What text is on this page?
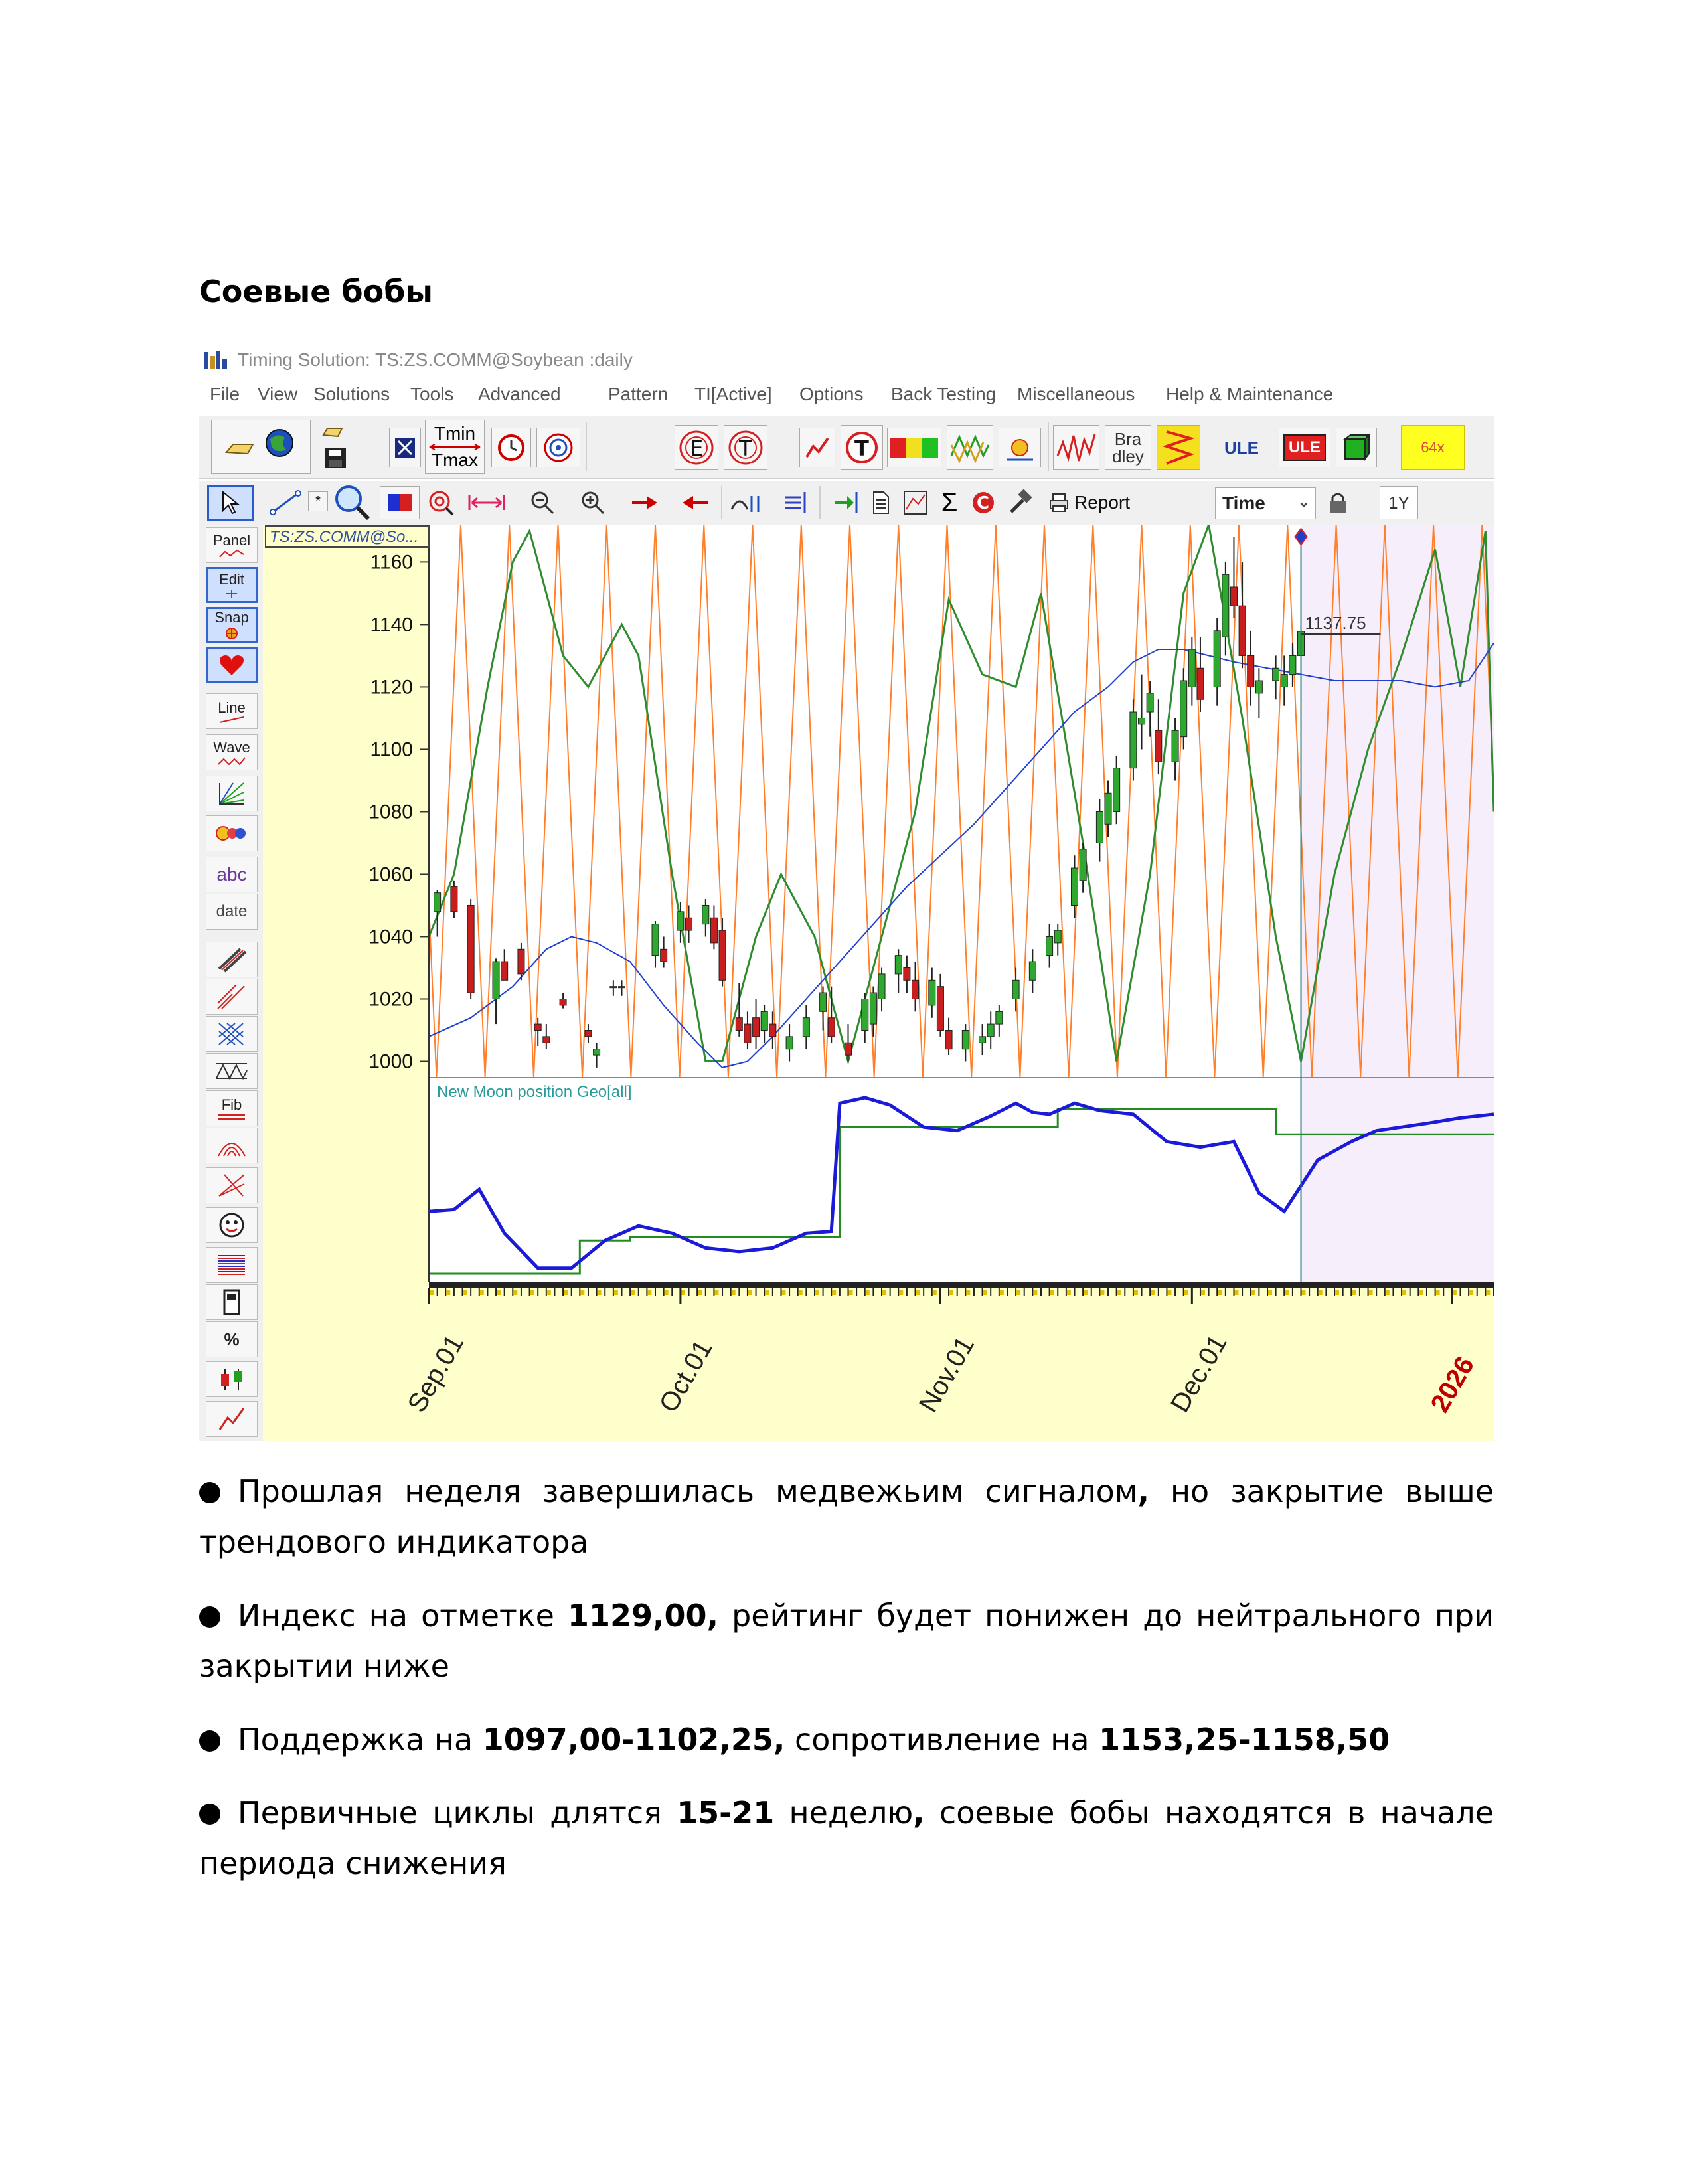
Соевые бобы
Timing Solution: TS:ZS.COMM@Soybean :daily
File View Solutions Tools Advanced	Pattern TI[Active] Options Back Testing Miscellaneous Help & Maintenance
Tmin
Tmax	E T	T	Bradley	ULE	ULE	64x
*	Σ C	Report	Time ⌄	1Y
Panel
Edit
Snap
Line
Wave
abc
date
Fib
%
1000
1020
1040
1060
1080
1100
1120
1140
1160
Sep.01	Oct.01	Nov.01	Dec.01	2026
TS:ZS.COMM@So...
New Moon position Geo[all]
1137.75
Прошлая неделя завершилась медвежьим сигналом, но закрытие выше трендового индикатора
Индекс на отметке 1129,00, рейтинг будет понижен до нейтрального при закрытии ниже
Поддержка на 1097,00-1102,25, сопротивление на 1153,25-1158,50
Первичные циклы длятся 15-21 неделю, соевые бобы находятся в начале периода снижения
